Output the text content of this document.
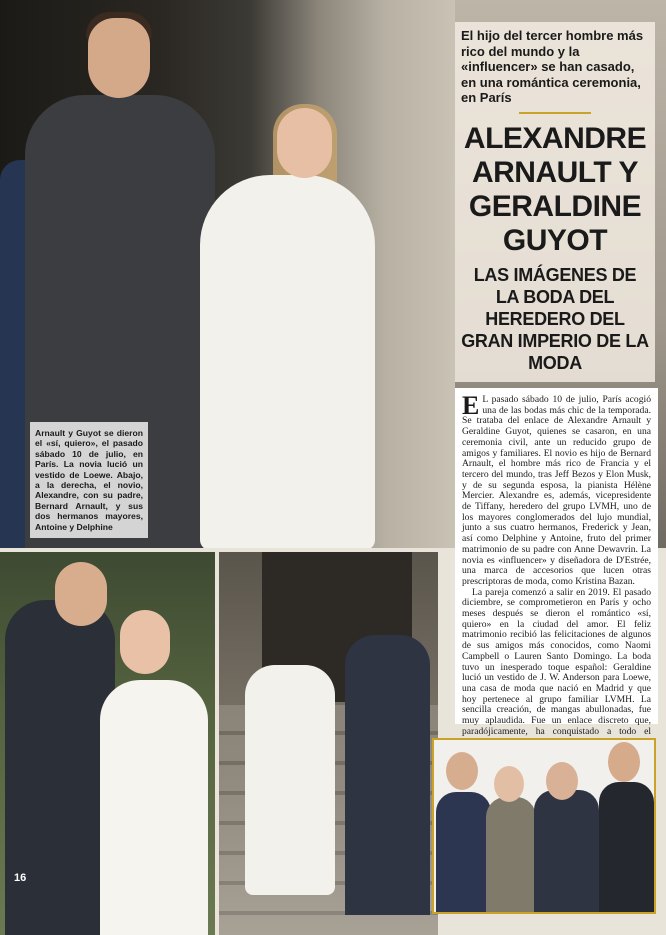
Arnault y Guyot se dieron el «sí, quiero», el pasado sábado 10 de julio, en París. La novia lució un vestido de Loewe. Abajo, a la derecha, el novio, Alexandre, con su padre, Bernard Arnault, y sus dos hermanos mayores, Antoine y Delphine

El hijo del tercer hombre más rico del mundo y la «influencer» se han casado, en una romántica ceremonia, en París

ALEXANDRE ARNAULT Y GERALDINE GUYOT

LAS IMÁGENES DE LA BODA DEL HEREDERO DEL GRAN IMPERIO DE LA MODA

E L pasado sábado 10 de julio, París acogió una de las bodas más chic de la temporada. Se trataba del enlace de Alexandre Arnault y Geraldine Guyot, quienes se casaron, en una ceremonia civil, ante un reducido grupo de amigos y familiares. El novio es hijo de Bernard Arnault, el hombre más rico de Francia y el tercero del mundo, tras Jeff Bezos y Elon Musk, y de su segunda esposa, la pianista Hélène Mercier. Alexandre es, además, vicepresidente de Tiffany, heredero del grupo LVMH, uno de los mayores conglomerados del lujo mundial, junto a sus cuatro hermanos, Frederick y Jean, así como Delphine y Antoine, fruto del primer matrimonio de su padre con Anne Dewavrin. La novia es «influencer» y diseñadora de D'Estrée, una marca de accesorios que lucen otras prescriptoras de moda, como Kristina Bazan.

La pareja comenzó a salir en 2019. El pasado diciembre, se comprometieron en París y ocho meses después se dieron el romántico «sí, quiero» en la ciudad del amor. El feliz matrimonio recibió las felicitaciones de algunos de sus amigos más conocidos, como Naomi Campbell o Lauren Santo Domingo. La boda tuvo un inesperado toque español: Geraldine lució un vestido de J. W. Anderson para Loewe, una casa de moda que nació en Madrid y que hoy pertenece al grupo familiar LVMH. La sencilla creación, de mangas abullonadas, fue muy aplaudida. Fue un enlace discreto que, paradójicamente, ha conquistado a todo el

16
